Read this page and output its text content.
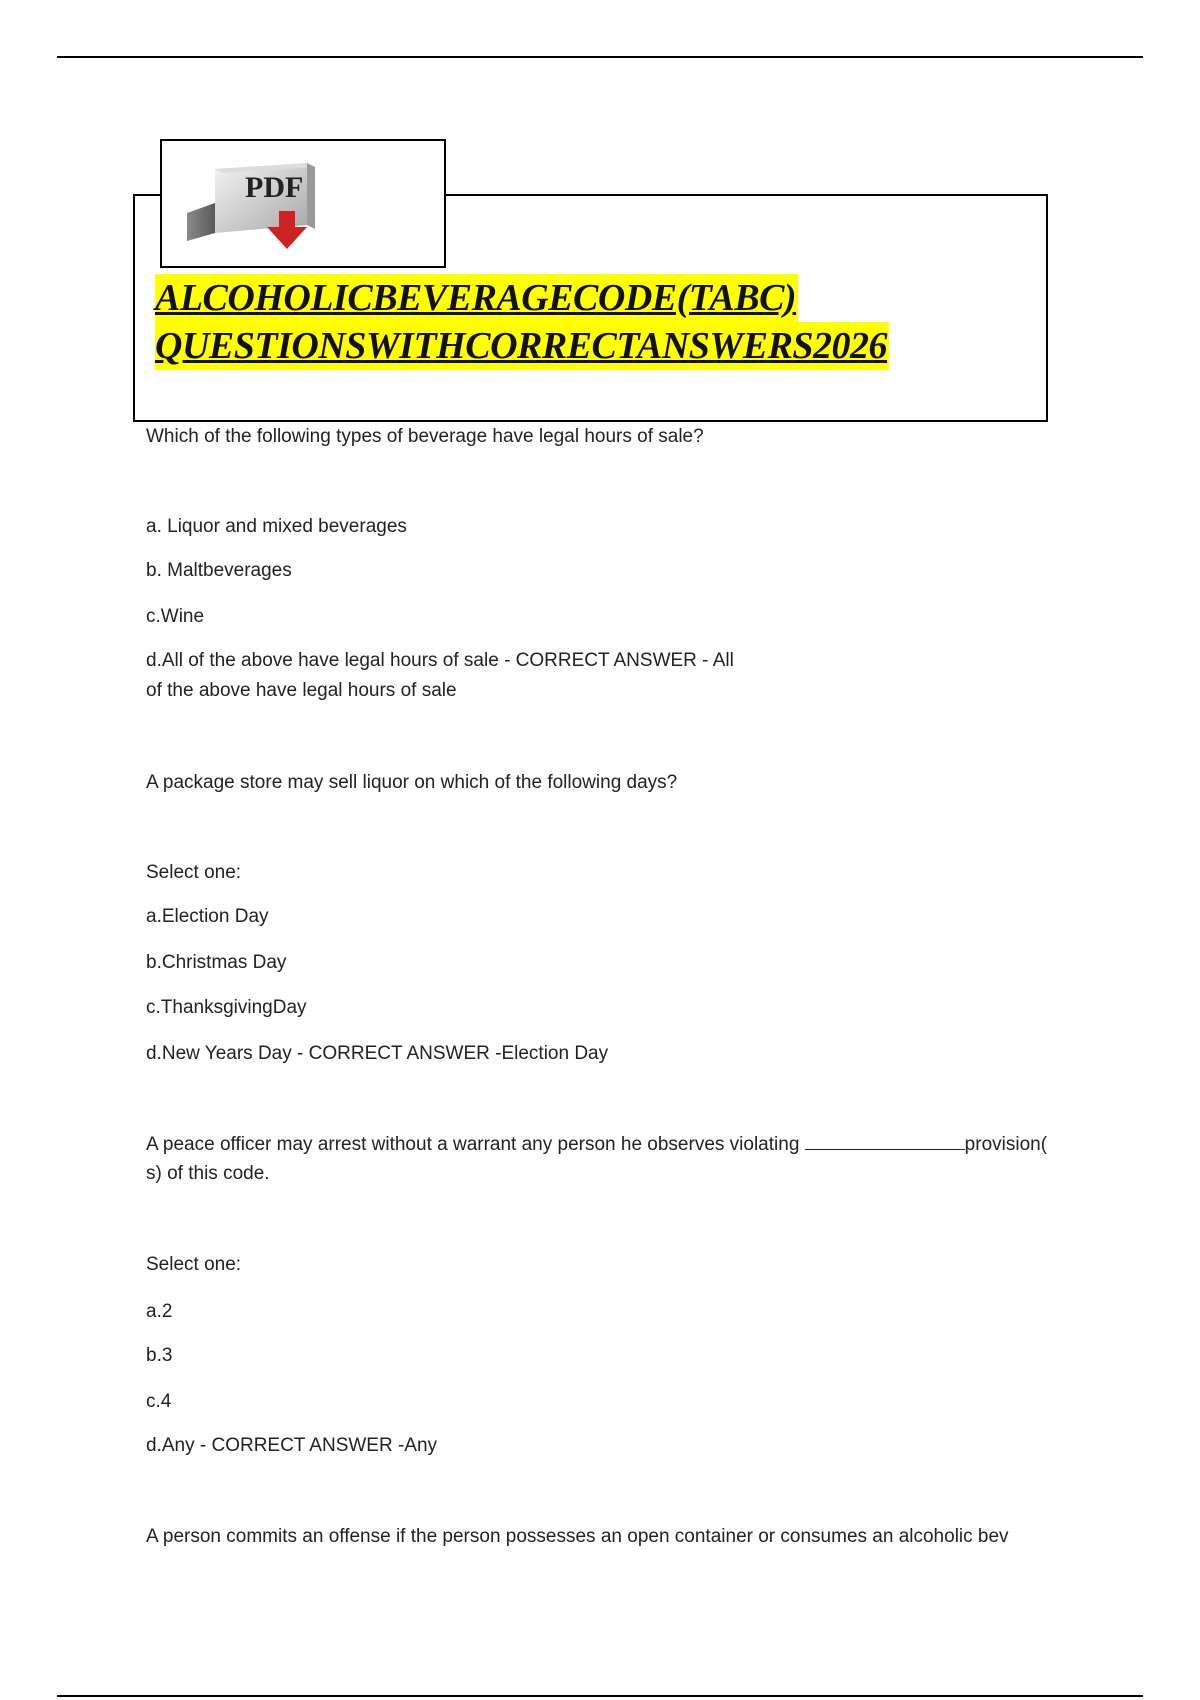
PDF
ALCOHOLICBEVERAGECODE(TABC)
QUESTIONSWITHCORRECTANSWERS2026

Which of the following types of beverage have legal hours of sale?

a. Liquor and mixed beverages

b. Maltbeverages

c.Wine

d.All of the above have legal hours of sale - CORRECT ANSWER - All

of the above have legal hours of sale

A package store may sell liquor on which of the following days?

Select one:

a.Election Day

b.Christmas Day

c.ThanksgivingDay

d.New Years Day - CORRECT ANSWER -Election Day

A peace officer may arrest without a warrant any person he observes violating	provision(

s) of this code.

Select one:

a.2

b.3

c.4

d.Any - CORRECT ANSWER -Any

A person commits an offense if the person possesses an open container or consumes an alcoholic bev
